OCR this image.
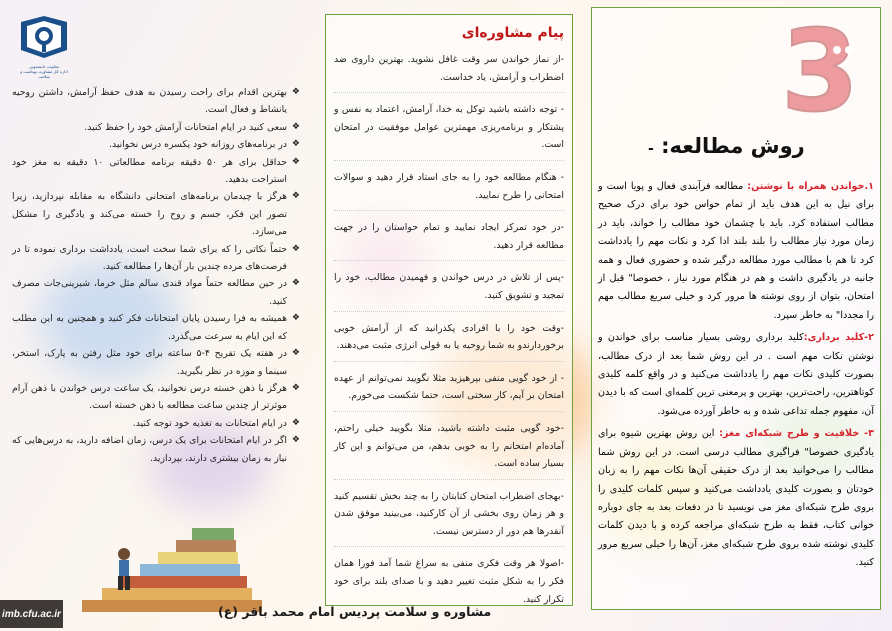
معاونت دانشجویی
اداره کل مشاوره، بهداشت و سلامت
روش مطالعه: -

۱.خواندن همراه با نوشتن: مطالعه فرآیندی فعال و پویا است و برای نیل به این هدف باید از تمام حواس خود برای درک صحیح مطالب استفاده کرد. باید با چشمان خود مطالب را خواند، باید در زمان مورد نیاز مطالب را بلند بلند ادا کرد و نکات مهم را یادداشت کرد تا هم با مطالب مورد مطالعه درگیر شده و حضوری فعال و همه جانبه در یادگیری داشت و هم در هنگام مورد نیاز ، خصوصا" قبل از امتحان، بتوان از روی نوشته ها مرور کرد و خیلی سریع مطالب مهم را مجددا" به خاطر سپرد.

۲-کلید برداری:کلید برداری روشی بسیار مناسب برای خواندن و نوشتن نکات مهم است . در این روش شما بعد از درک مطالب، بصورت کلیدی نکات مهم را یادداشت می‌کنید و در واقع کلمه کلیدی کوتاهترین، راحت‌ترین، بهترین و پرمعنی ترین کلمه‌ای است که با دیدن آن، مفهوم جمله تداعی شده و به خاطر آورده می‌شود.

۳- خلاقیت و طرح شبکه‌ای مغز: این روش بهترین شیوه برای یادگیری خصوصا" فراگیری مطالب درسی است. در این روش شما مطالب را می‌خوانید بعد از درک حقیقی آن‌ها نکات مهم را به زبان خودتان و بصورت کلیدی یادداشت می‌کنید و سپس کلمات کلیدی را بروی طرح شبکه‌ای مغز می نویسید تا در دفعات بعد به جای دوباره خوانی کتاب، فقط به طرح شبکه‌ای مراجعه کرده و با دیدن کلمات کلیدی نوشته شده بروی طرح شبکه‌ای مغز، آن‌ها را خیلی سریع مرور کنید.

پیام مشاوره‌ای
-از نماز خواندن سر وقت غافل نشوید. بهترین داروی ضد اضطراب و آرامش، یاد خداست.
- توجه داشته باشید توکل به خدا، آرامش، اعتماد به نفس و پشتکار و برنامه‌ریزی مهمترین عوامل موفقیت در امتحان است.
- هنگام مطالعه خود را به جای استاد قرار دهید و سوالات امتحانی را طرح نمایید.
-در خود تمرکز ایجاد نمایید و تمام حواستان را در جهت مطالعه قرار دهید.
-پس از تلاش در درس خواندن و فهمیدن مطالب، خود را تمجید و تشویق کنید.
-وقت خود را با افرادی پکذرانید که از آرامش خوبی برخوردارندو به شما روحیه یا به قولی انرژی مثبت می‌دهند.
- از خود گویی منفی بپرهیزید مثلا نگویید نمی‌توانم از عهده امتحان بر آیم، کار سختی است، حتما شکست می‌خورم.
-خود گویی مثبت داشته باشید، مثلا بگویید خیلی راحتم، آماده‌ام امتحانم را به خوبی بدهم، من می‌توانم و این کار بسیار ساده است.
-بهجای اضطراب امتحان کتابتان را به چند بخش تقسیم کنید و هر زمان روی بخشی از آن کارکنید، می‌بینید موفق شدن آنقدرها هم دور از دسترس نیست.
-اصولا هر وقت فکری منفی به سراغ شما آمد فورا همان فکر را به شکل مثبت تغییر دهید و با صدای بلند برای خود تکرار کنید.
❖
بهترین اقدام برای راحت رسیدن به هدف حفظ آرامش، داشتن روحیه یانشاط و فعال است.
❖
سعی کنید در ایام امتحانات آرامش خود را حفظ کنید.
❖
در برنامه‌های روزانه خود یکسره درس نخوانید.
❖
حداقل برای هر ۵۰ دقیقه برنامه مطالعاتی ۱۰ دقیقه به مغز خود استراحت بدهید.
❖
هرگز با چیدمان برنامه‌های امتحانی دانشگاه به مقابله نپردازید، زیرا تصور این فکر، جسم و روح را خسته می‌کند و یادگیری را مشکل می‌سازد.
❖
حتماً نکاتی را که برای شما سخت است، یادداشت برداری نموده تا در فرصت‌های مرده چندین بار آن‌ها را مطالعه کنید.
❖
در حین مطالعه حتماً مواد قندی سالم مثل خرما، شیرینی‌جات مصرف کنید.
❖
همیشه به فرا رسیدن پایان امتحانات فکر کنید و همچنین به این مطلب که این ایام به سرعت می‌گذرد.
❖
در هفته یک تفریح ۴-۵ ساعته برای خود مثل رفتن به پارک، استخر، سینما و موزه در نظر بگیرید.
❖
هرگز با ذهن خسته درس نخوانید، یک ساعت درس خواندن با ذهن آرام موثرتر از چندین ساعت مطالعه با ذهن خسته است.
❖
در ایام امتحانات به تغذیه خود توجه کنید.
❖
اگر در ایام امتحانات برای یک درس، زمان اضافه دارید، به درس‌هایی که نیاز به زمان بیشتری دارند، بپردازید.
مشاوره و سلامت پردیس امام محمد باقر (ع)
imb.cfu.ac.ir
